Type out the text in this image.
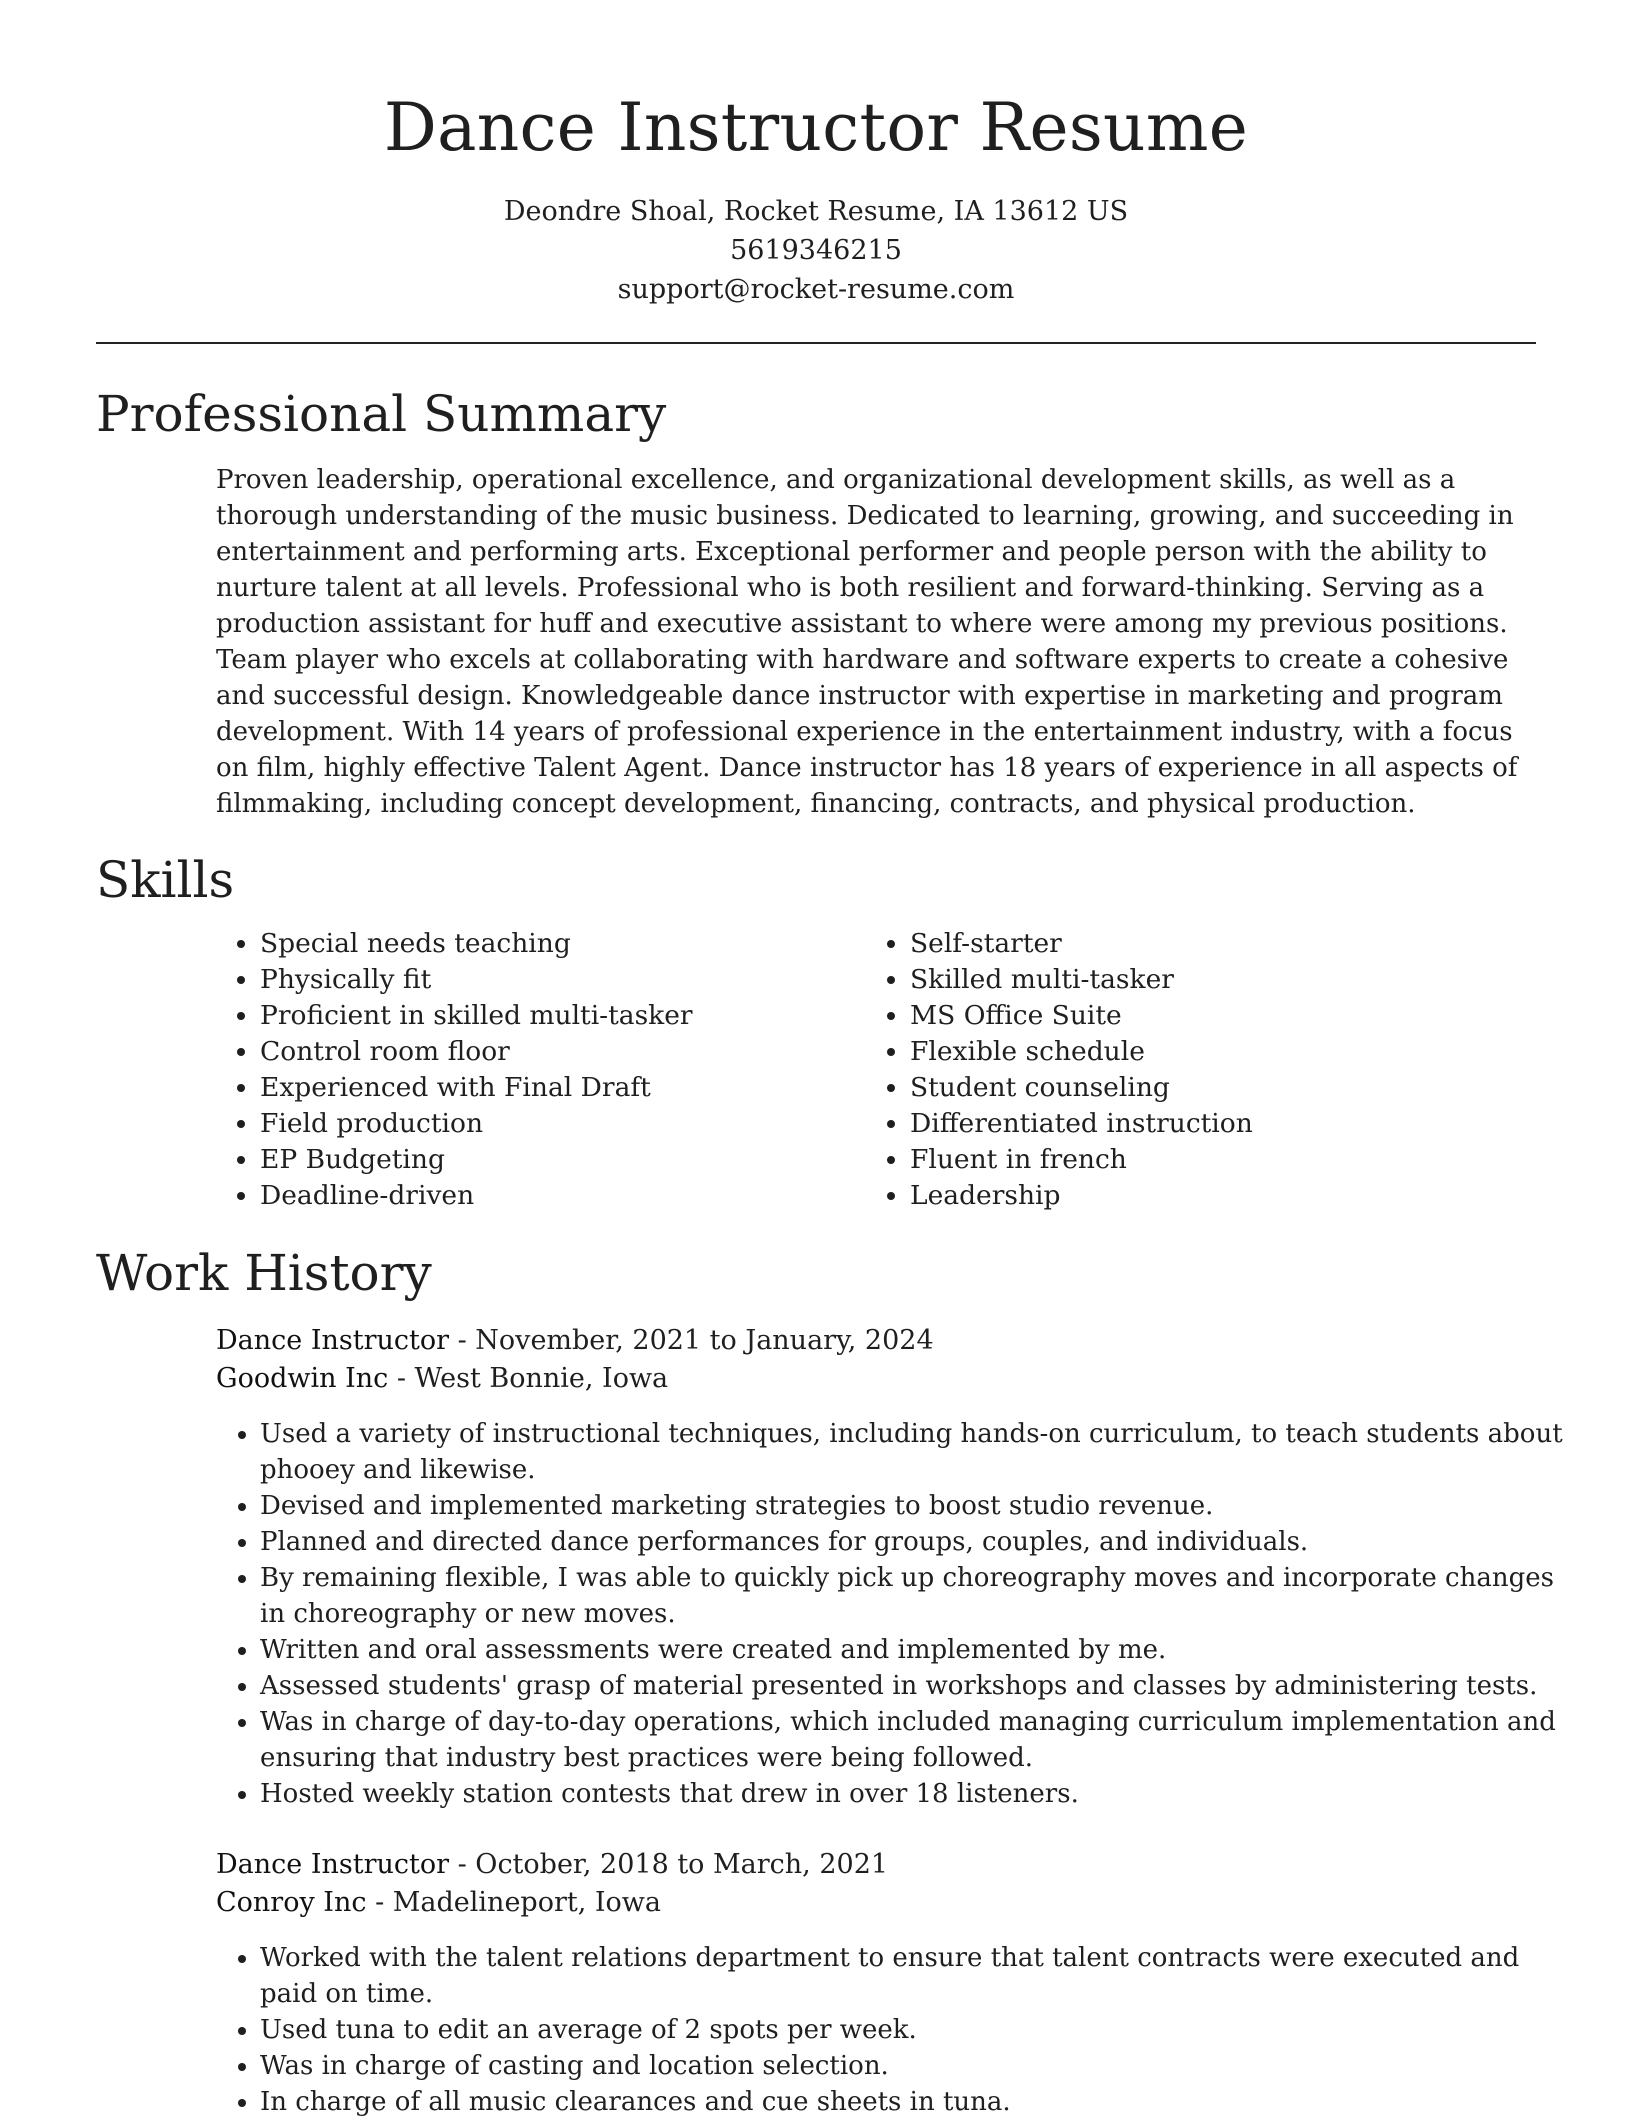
Dance Instructor Resume

Deondre Shoal, Rocket Resume, IA 13612 US

5619346215

support@rocket-resume.com

Professional Summary

Proven leadership, operational excellence, and organizational development skills, as well as a thorough understanding of the music business. Dedicated to learning, growing, and succeeding in entertainment and performing arts. Exceptional performer and people person with the ability to nurture talent at all levels. Professional who is both resilient and forward-thinking. Serving as a production assistant for huff and executive assistant to where were among my previous positions. Team player who excels at collaborating with hardware and software experts to create a cohesive and successful design. Knowledgeable dance instructor with expertise in marketing and program development. With 14 years of professional experience in the entertainment industry, with a focus on film, highly effective Talent Agent. Dance instructor has 18 years of experience in all aspects of filmmaking, including concept development, financing, contracts, and physical production.

Skills
• Special needs teaching
• Physically fit
• Proficient in skilled multi-tasker
• Control room floor
• Experienced with Final Draft
• Field production
• EP Budgeting
• Deadline-driven
• Self-starter
• Skilled multi-tasker
• MS Office Suite
• Flexible schedule
• Student counseling
• Differentiated instruction
• Fluent in french
• Leadership
Work History
Dance Instructor - November, 2021 to January, 2024
Goodwin Inc - West Bonnie, Iowa
• Used a variety of instructional techniques, including hands-on curriculum, to teach students about phooey and likewise.
• Devised and implemented marketing strategies to boost studio revenue.
• Planned and directed dance performances for groups, couples, and individuals.
• By remaining flexible, I was able to quickly pick up choreography moves and incorporate changes in choreography or new moves.
• Written and oral assessments were created and implemented by me.
• Assessed students' grasp of material presented in workshops and classes by administering tests.
• Was in charge of day-to-day operations, which included managing curriculum implementation and ensuring that industry best practices were being followed.
• Hosted weekly station contests that drew in over 18 listeners.
Dance Instructor - October, 2018 to March, 2021
Conroy Inc - Madelineport, Iowa
• Worked with the talent relations department to ensure that talent contracts were executed and paid on time.
• Used tuna to edit an average of 2 spots per week.
• Was in charge of casting and location selection.
• In charge of all music clearances and cue sheets in tuna.
